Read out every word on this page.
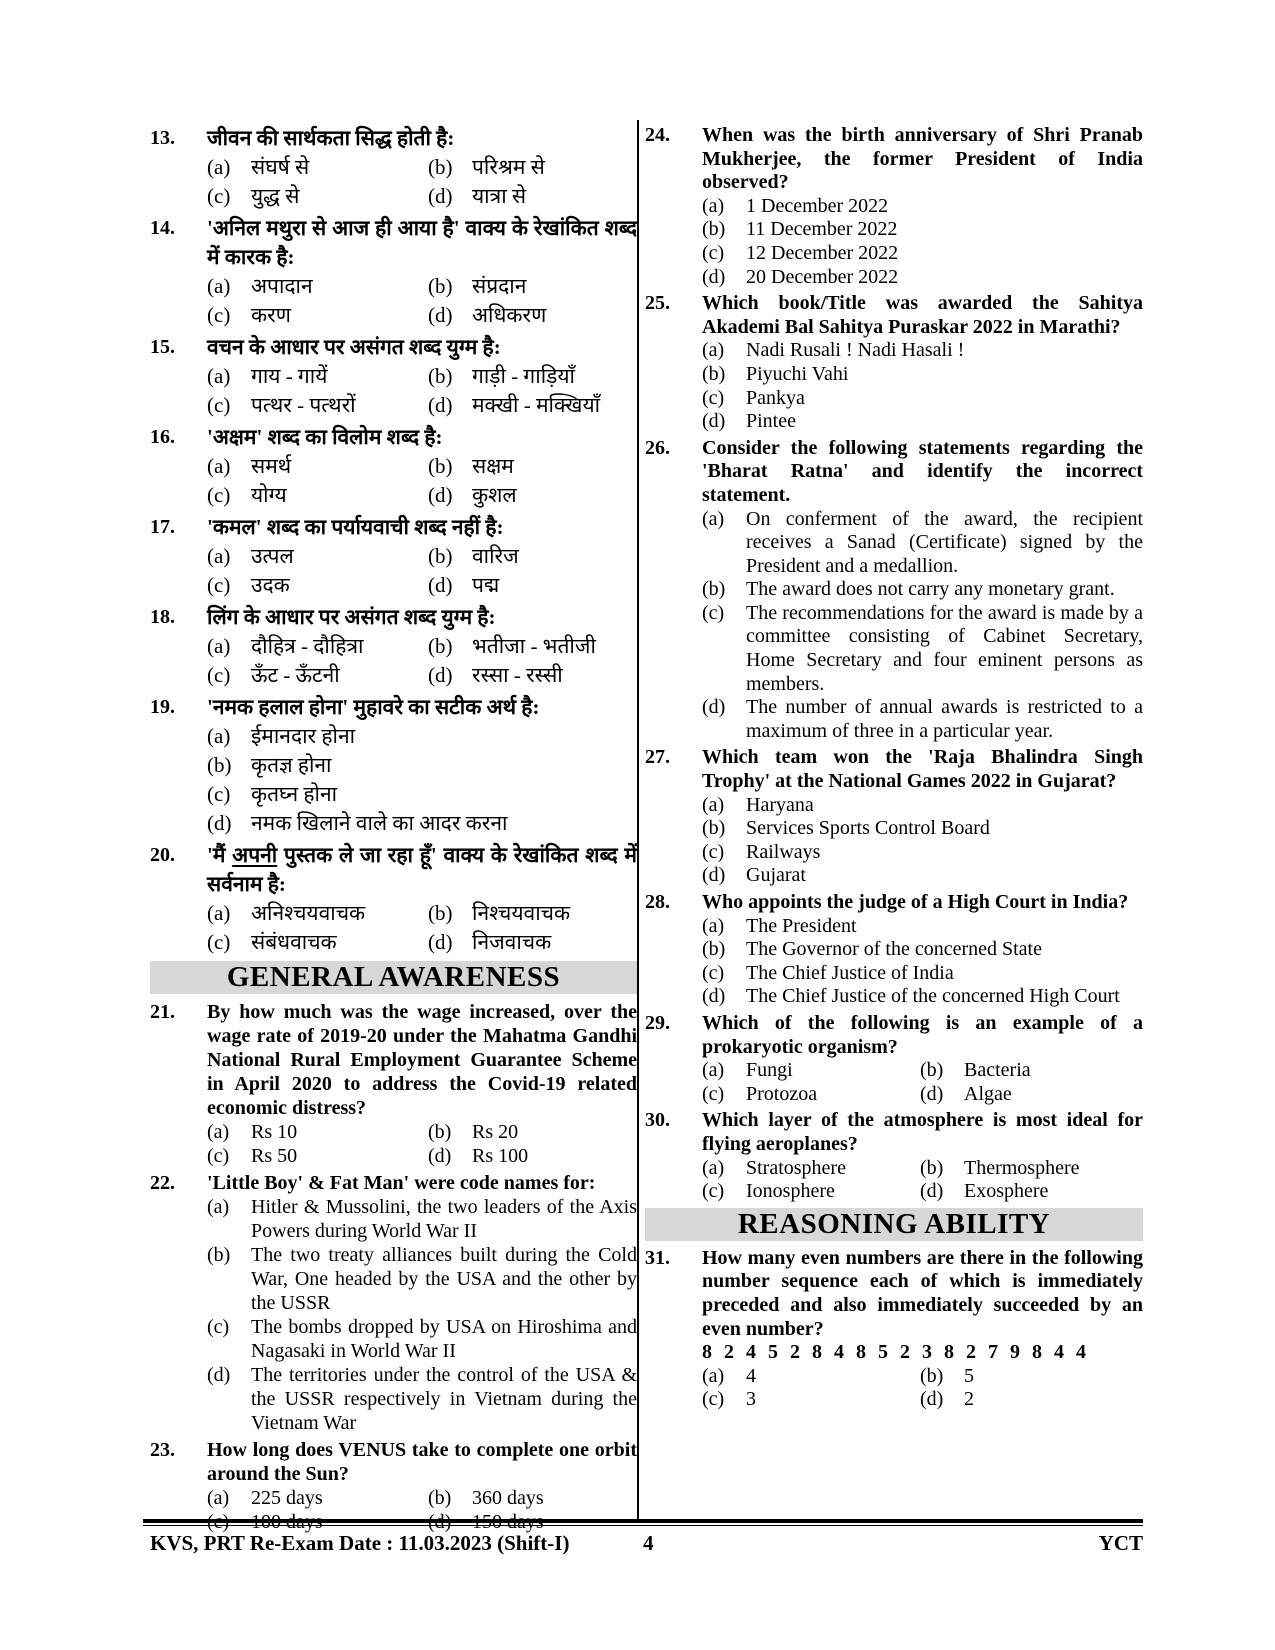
13.	जीवन की सार्थकता सिद्ध होती है:
(a) संघर्ष से	(b) परिश्रम से
(c) युद्ध से	(d) यात्रा से
14.	'अनिल मथुरा से आज ही आया है' वाक्य के रेखांकित शब्द में कारक है:
(a) अपादान	(b) संप्रदान
(c) करण	(d) अधिकरण
15.	वचन के आधार पर असंगत शब्द युग्म है:
(a) गाय - गायें	(b) गाड़ी - गाड़ियाँ
(c) पत्थर - पत्थरों	(d) मक्खी - मक्खियाँ
16.	'अक्षम' शब्द का विलोम शब्द है:
(a) समर्थ	(b) सक्षम
(c) योग्य	(d) कुशल
17.	'कमल' शब्द का पर्यायवाची शब्द नहीं है:
(a) उत्पल	(b) वारिज
(c) उदक	(d) पद्म
18.	लिंग के आधार पर असंगत शब्द युग्म है:
(a) दौहित्र - दौहित्रा	(b) भतीजा - भतीजी
(c) ऊँट - ऊँटनी	(d) रस्सा - रस्सी
19.	'नमक हलाल होना' मुहावरे का सटीक अर्थ है:
(a) ईमानदार होना
(b) कृतज्ञ होना
(c) कृतघ्न होना
(d) नमक खिलाने वाले का आदर करना
20.	'मैं अपनी पुस्तक ले जा रहा हूँ' वाक्य के रेखांकित शब्द में सर्वनाम है:
(a) अनिश्चयवाचक	(b) निश्चयवाचक
(c) संबंधवाचक	(d) निजवाचक
GENERAL AWARENESS
21.	By how much was the wage increased, over the wage rate of 2019-20 under the Mahatma Gandhi National Rural Employment Guarantee Scheme in April 2020 to address the Covid-19 related economic distress?
(a)	Rs 10	(b)	Rs 20
(c)	Rs 50	(d)	Rs 100
22.	'Little Boy' & Fat Man' were code names for:
(a)	Hitler & Mussolini, the two leaders of the Axis Powers during World War II
(b)	The two treaty alliances built during the Cold War, One headed by the USA and the other by the USSR
(c)	The bombs dropped by USA on Hiroshima and Nagasaki in World War II
(d)	The territories under the control of the USA & the USSR respectively in Vietnam during the Vietnam War
23.	How long does VENUS take to complete one orbit around the Sun?
(a)	225 days	(b)	360 days
(c)	100 days	(d)	150 days
24.	When was the birth anniversary of Shri Pranab Mukherjee, the former President of India observed?
(a)	1 December 2022
(b)	11 December 2022
(c)	12 December 2022
(d)	20 December 2022
25.	Which book/Title was awarded the Sahitya Akademi Bal Sahitya Puraskar 2022 in Marathi?
(a)	Nadi Rusali ! Nadi Hasali !
(b)	Piyuchi Vahi
(c)	Pankya
(d)	Pintee
26.	Consider the following statements regarding the 'Bharat Ratna' and identify the incorrect statement.
(a)	On conferment of the award, the recipient receives a Sanad (Certificate) signed by the President and a medallion.
(b)	The award does not carry any monetary grant.
(c)	The recommendations for the award is made by a committee consisting of Cabinet Secretary, Home Secretary and four eminent persons as members.
(d)	The number of annual awards is restricted to a maximum of three in a particular year.
27.	Which team won the 'Raja Bhalindra Singh Trophy' at the National Games 2022 in Gujarat?
(a)	Haryana
(b)	Services Sports Control Board
(c)	Railways
(d)	Gujarat
28.	Who appoints the judge of a High Court in India?
(a)	The President
(b)	The Governor of the concerned State
(c)	The Chief Justice of India
(d)	The Chief Justice of the concerned High Court
29.	Which of the following is an example of a prokaryotic organism?
(a)	Fungi	(b)	Bacteria
(c)	Protozoa	(d)	Algae
30.	Which layer of the atmosphere is most ideal for flying aeroplanes?
(a)	Stratosphere	(b)	Thermosphere
(c)	Ionosphere	(d)	Exosphere
REASONING ABILITY
31.	How many even numbers are there in the following number sequence each of which is immediately preceded and also immediately succeeded by an even number?
8 2 4 5 2 8 4 8 5 2 3 8 2 7 9 8 4 4
(a)	4	(b)	5
(c)	3	(d)	2
KVS, PRT Re-Exam Date : 11.03.2023 (Shift-I)	4	YCT
